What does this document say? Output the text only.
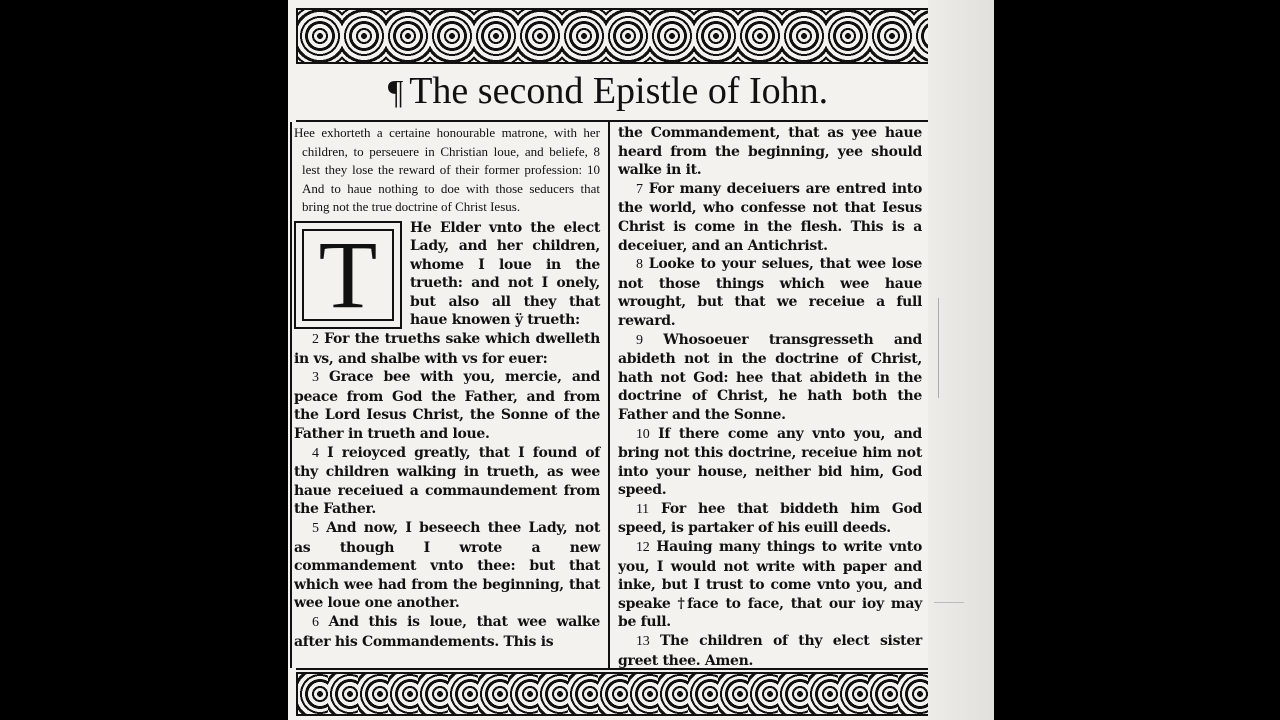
¶ The second Epistle of Iohn.
Hee exhorteth a certaine honourable matrone, with her children, to perseuere in Christian loue, and beliefe, 8 lest they lose the reward of their former profession: 10 And to haue nothing to doe with those seducers that bring not the true doctrine of Christ Iesus.
T	He Elder vnto the elect Lady, and her children, whome I loue in the trueth: and not I onely, but also all they that haue knowen ÿ trueth:

2 For the trueths sake which dwelleth in vs, and shalbe with vs for euer:

3 Grace bee with you, mercie, and peace from God the Father, and from the Lord Iesus Christ, the Sonne of the Father in trueth and loue.

4 I reioyced greatly, that I found of thy children walking in trueth, as wee haue receiued a commaundement from the Father.

5 And now, I beseech thee Lady, not as though I wrote a new commandement vnto thee: but that which wee had from the beginning, that wee loue one another.

6 And this is loue, that wee walke after his Commandements. This is

the Commandement, that as yee haue heard from the beginning, yee should walke in it.

7 For many deceiuers are entred into the world, who confesse not that Iesus Christ is come in the flesh. This is a deceiuer, and an Antichrist.

8 Looke to your selues, that wee lose not those things which wee haue wrought, but that we receiue a full reward.

9 Whosoeuer transgresseth and abideth not in the doctrine of Christ, hath not God: hee that abideth in the doctrine of Christ, he hath both the Father and the Sonne.

10 If there come any vnto you, and bring not this doctrine, receiue him not into your house, neither bid him, God speed.

11 For hee that biddeth him God speed, is partaker of his euill deeds.

12 Hauing many things to write vnto you, I would not write with paper and inke, but I trust to come vnto you, and speake †face to face, that our ioy may be full.

13 The children of thy elect sister greet thee. Amen.
